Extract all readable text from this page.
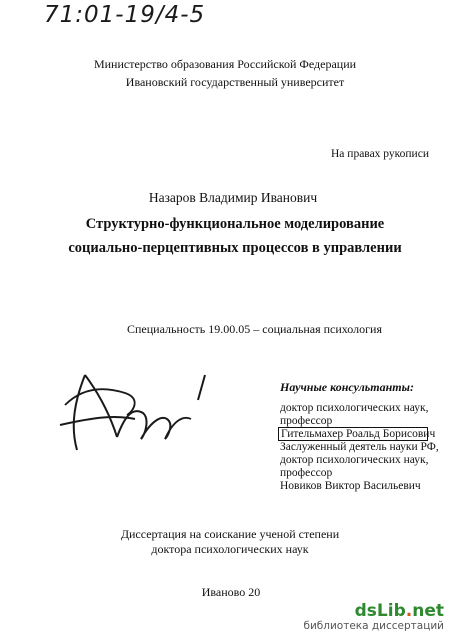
71:01-19/4-5
Министерство образования Российской Федерации
Ивановский государственный университет
На правах рукописи
Назаров Владимир Иванович
Структурно-функциональное моделирование
социально-перцептивных процессов в управлении
Специальность 19.00.05 – социальная психология
Научные консультанты:
доктор психологических наук,
профессор
Гительмахер Роальд Борисович
Заслуженный деятель науки РФ,
доктор психологических наук,
профессор
Новиков Виктор Васильевич
Диссертация на соискание ученой степени
доктора психологических наук
Иваново 20
dsLib.net
библиотека диссертаций
